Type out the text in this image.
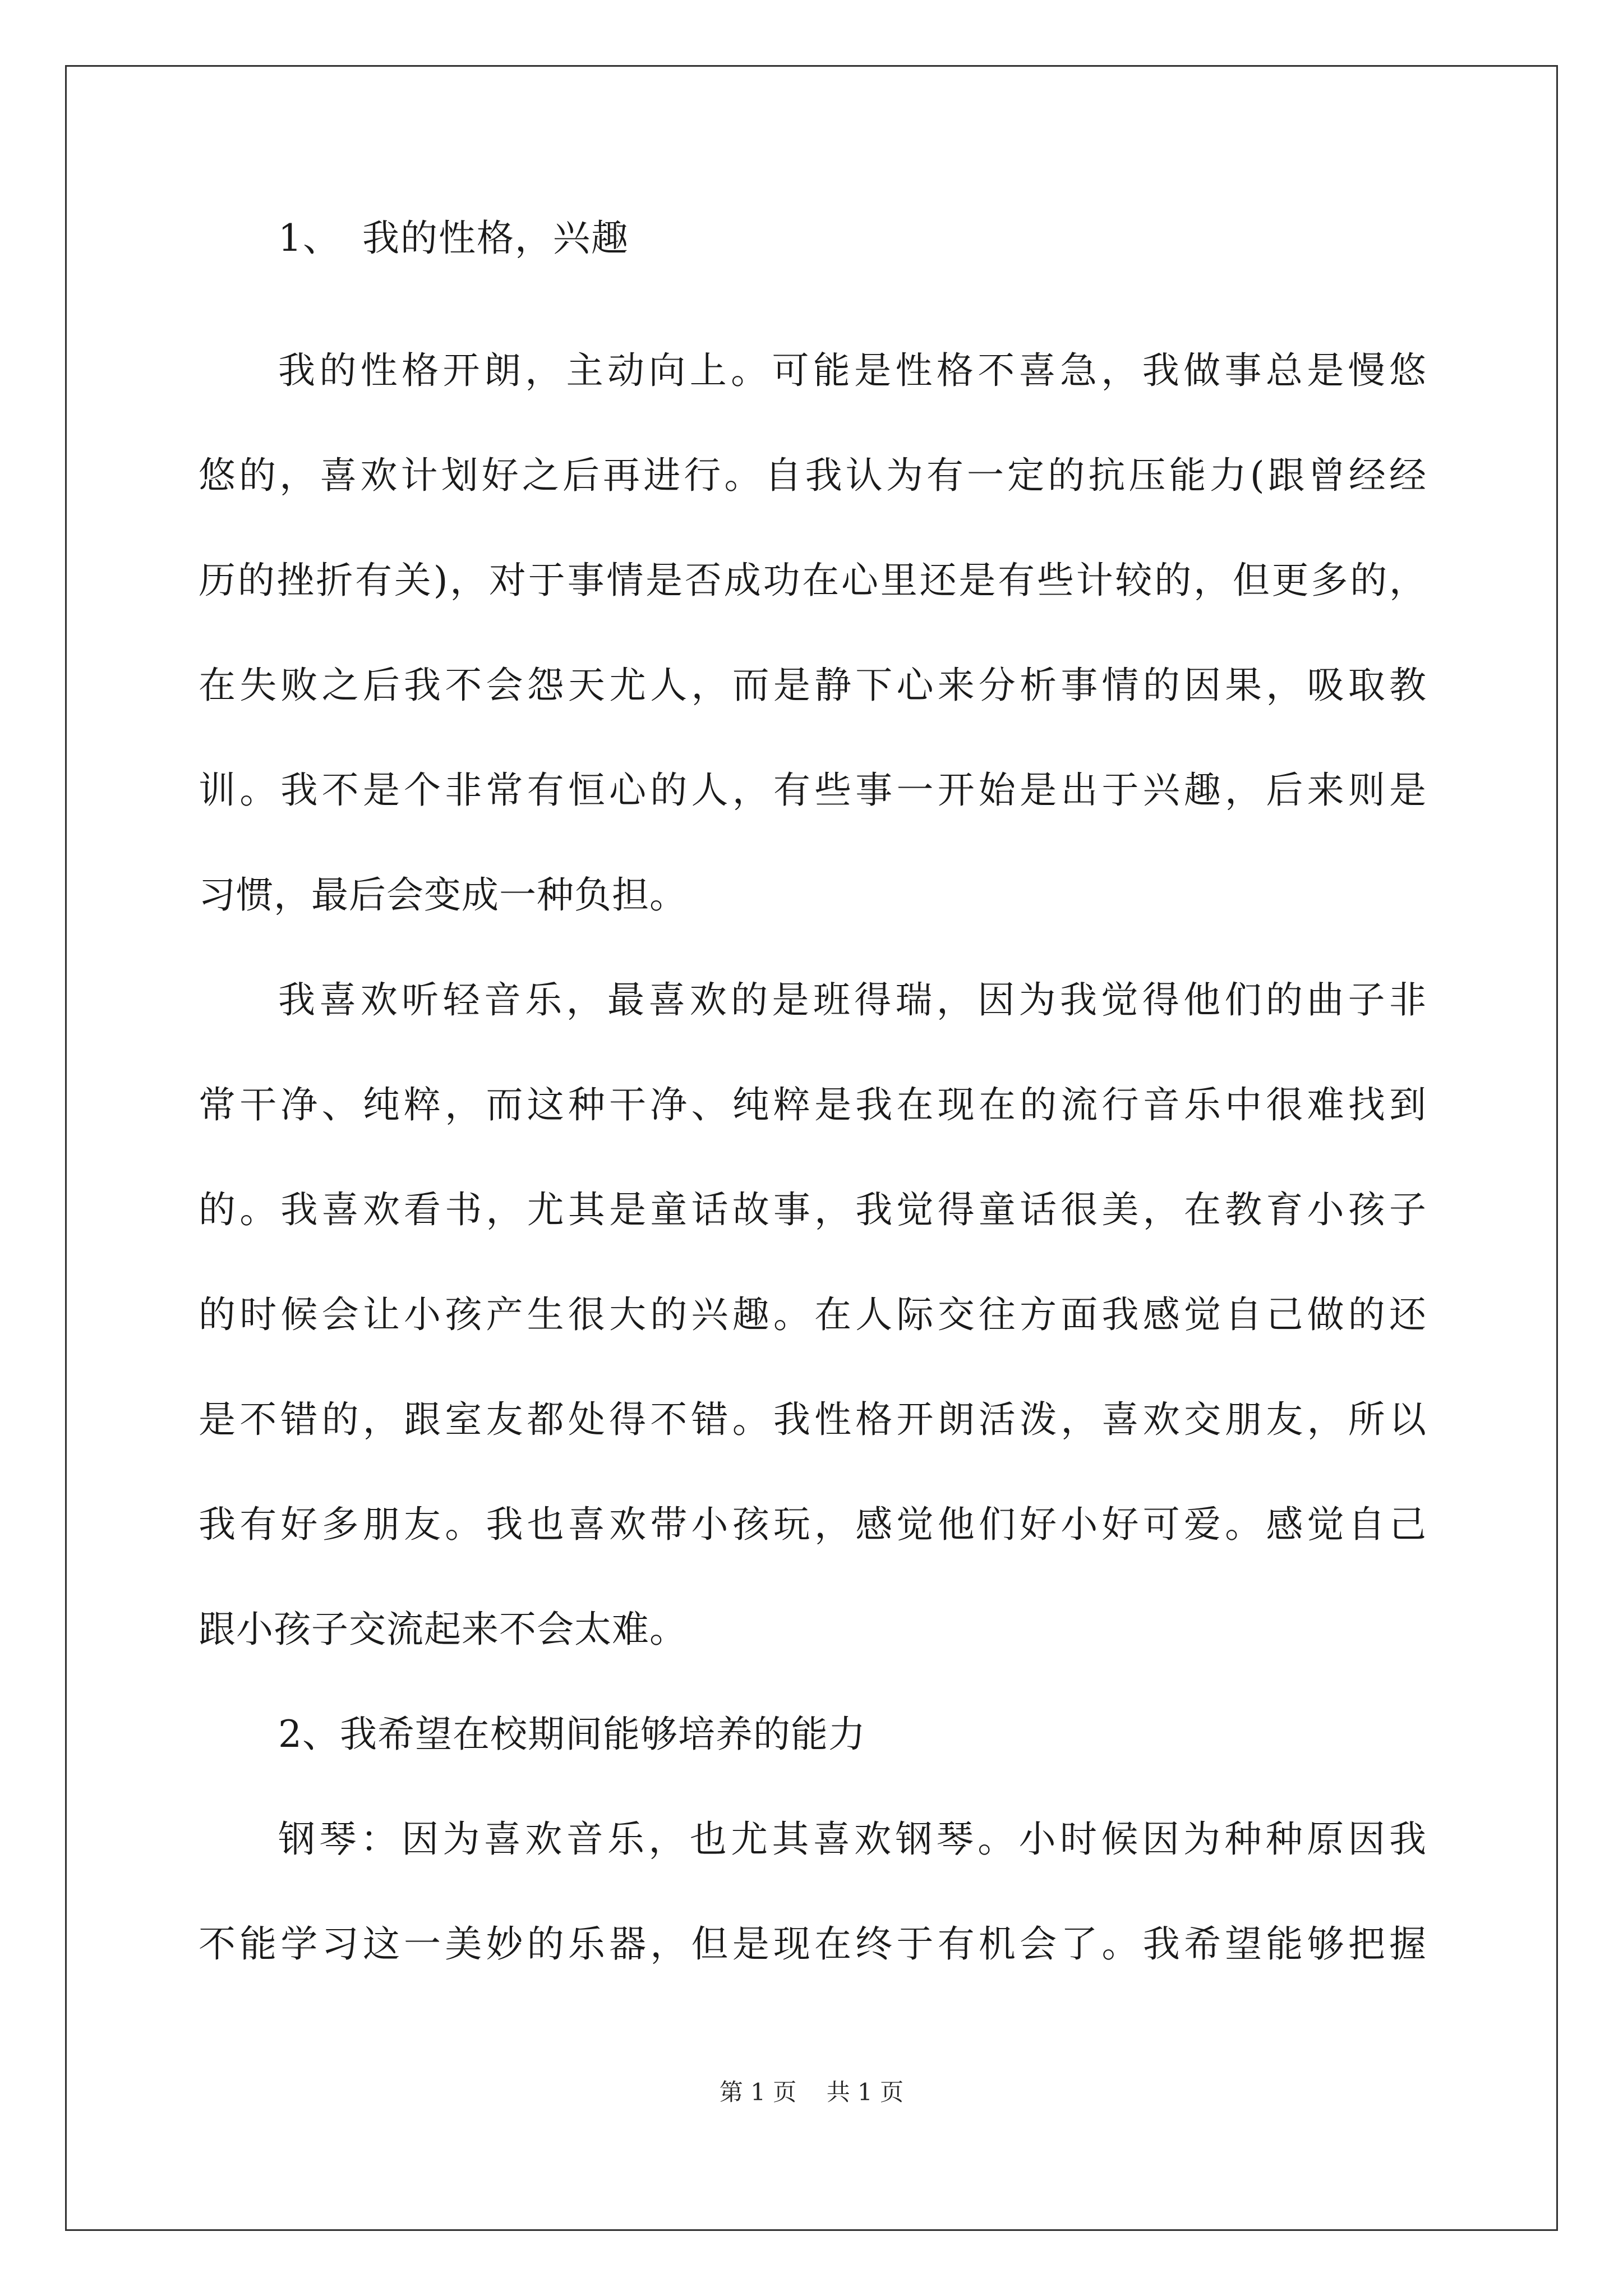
1、 我的性格，兴趣
我的性格开朗，主动向上。可能是性格不喜急，我做事总是慢悠
悠的，喜欢计划好之后再进行。自我认为有一定的抗压能力(跟曾经经
历的挫折有关)，对于事情是否成功在心里还是有些计较的，但更多的，
在失败之后我不会怨天尤人，而是静下心来分析事情的因果，吸取教
训。我不是个非常有恒心的人，有些事一开始是出于兴趣，后来则是
习惯，最后会变成一种负担。
我喜欢听轻音乐，最喜欢的是班得瑞，因为我觉得他们的曲子非
常干净、纯粹，而这种干净、纯粹是我在现在的流行音乐中很难找到
的。我喜欢看书，尤其是童话故事，我觉得童话很美，在教育小孩子
的时候会让小孩产生很大的兴趣。在人际交往方面我感觉自己做的还
是不错的，跟室友都处得不错。我性格开朗活泼，喜欢交朋友，所以
我有好多朋友。我也喜欢带小孩玩，感觉他们好小好可爱。感觉自己
跟小孩子交流起来不会太难。
2、我希望在校期间能够培养的能力
钢琴：因为喜欢音乐，也尤其喜欢钢琴。小时候因为种种原因我
不能学习这一美妙的乐器，但是现在终于有机会了。我希望能够把握
第 1 页 共 1 页
